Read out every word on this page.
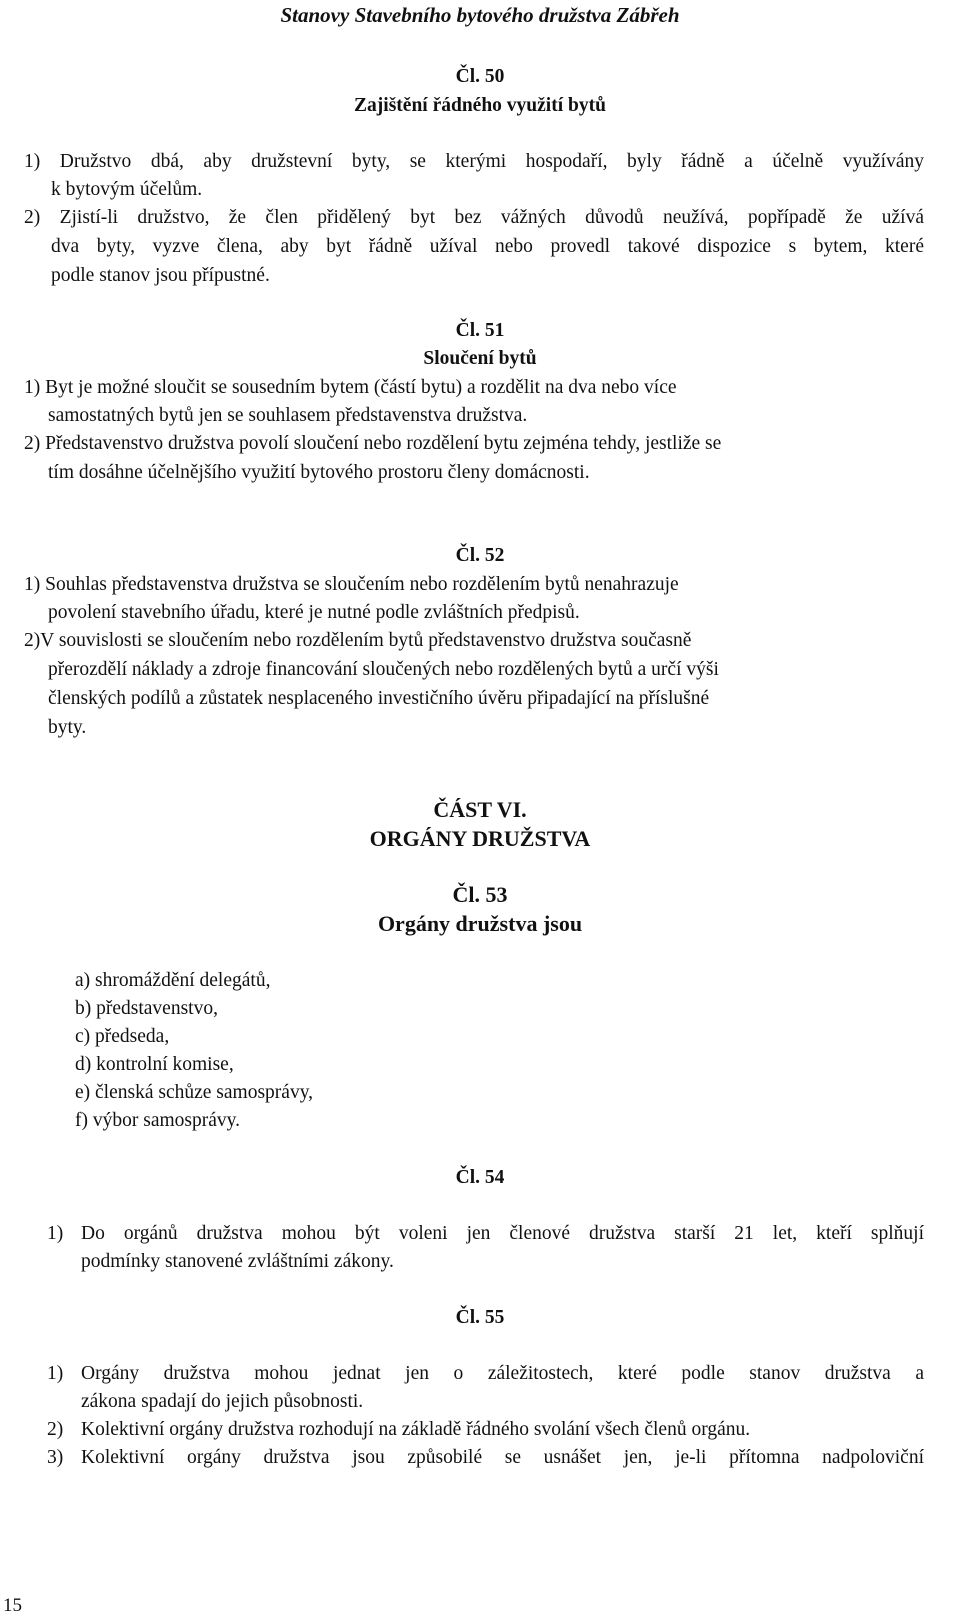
Stanovy Stavebního bytového družstva Zábřeh
Čl. 50
Zajištění řádného využití bytů
1) Družstvo dbá, aby družstevní byty, se kterými hospodaří, byly řádně a účelně využívány
k bytovým účelům.
2) Zjistí-li družstvo, že člen přidělený byt bez vážných důvodů neužívá, popřípadě že užívá
dva byty, vyzve člena, aby byt řádně užíval nebo provedl takové dispozice s bytem, které
podle stanov jsou přípustné.
Čl. 51
Sloučení bytů
1) Byt je možné sloučit se sousedním bytem (částí bytu) a rozdělit na dva nebo více
samostatných bytů jen se souhlasem představenstva družstva.
2) Představenstvo družstva povolí sloučení nebo rozdělení bytu zejména tehdy, jestliže se
tím dosáhne účelnějšího využití bytového prostoru členy domácnosti.
Čl. 52
1) Souhlas představenstva družstva se sloučením nebo rozdělením bytů nenahrazuje
povolení stavebního úřadu, které je nutné podle zvláštních předpisů.
2)V souvislosti se sloučením nebo rozdělením bytů představenstvo družstva současně
přerozdělí náklady a zdroje financování sloučených nebo rozdělených bytů a určí výši
členských podílů a zůstatek nesplaceného investičního úvěru připadající na příslušné
byty.
ČÁST VI.
ORGÁNY DRUŽSTVA
Čl. 53
Orgány družstva jsou
a) shromáždění delegátů,
b) představenstvo,
c) předseda,
d) kontrolní komise,
e) členská schůze samosprávy,
f) výbor samosprávy.
Čl. 54
1) Do orgánů družstva mohou být voleni jen členové družstva starší 21 let, kteří splňují
podmínky stanovené zvláštními zákony.
Čl. 55
1) Orgány družstva mohou jednat jen o záležitostech, které podle stanov družstva a
zákona spadají do jejich působnosti.
2) Kolektivní orgány družstva rozhodují na základě řádného svolání všech členů orgánu.
3) Kolektivní orgány družstva jsou způsobilé se usnášet jen, je-li přítomna nadpoloviční
15
